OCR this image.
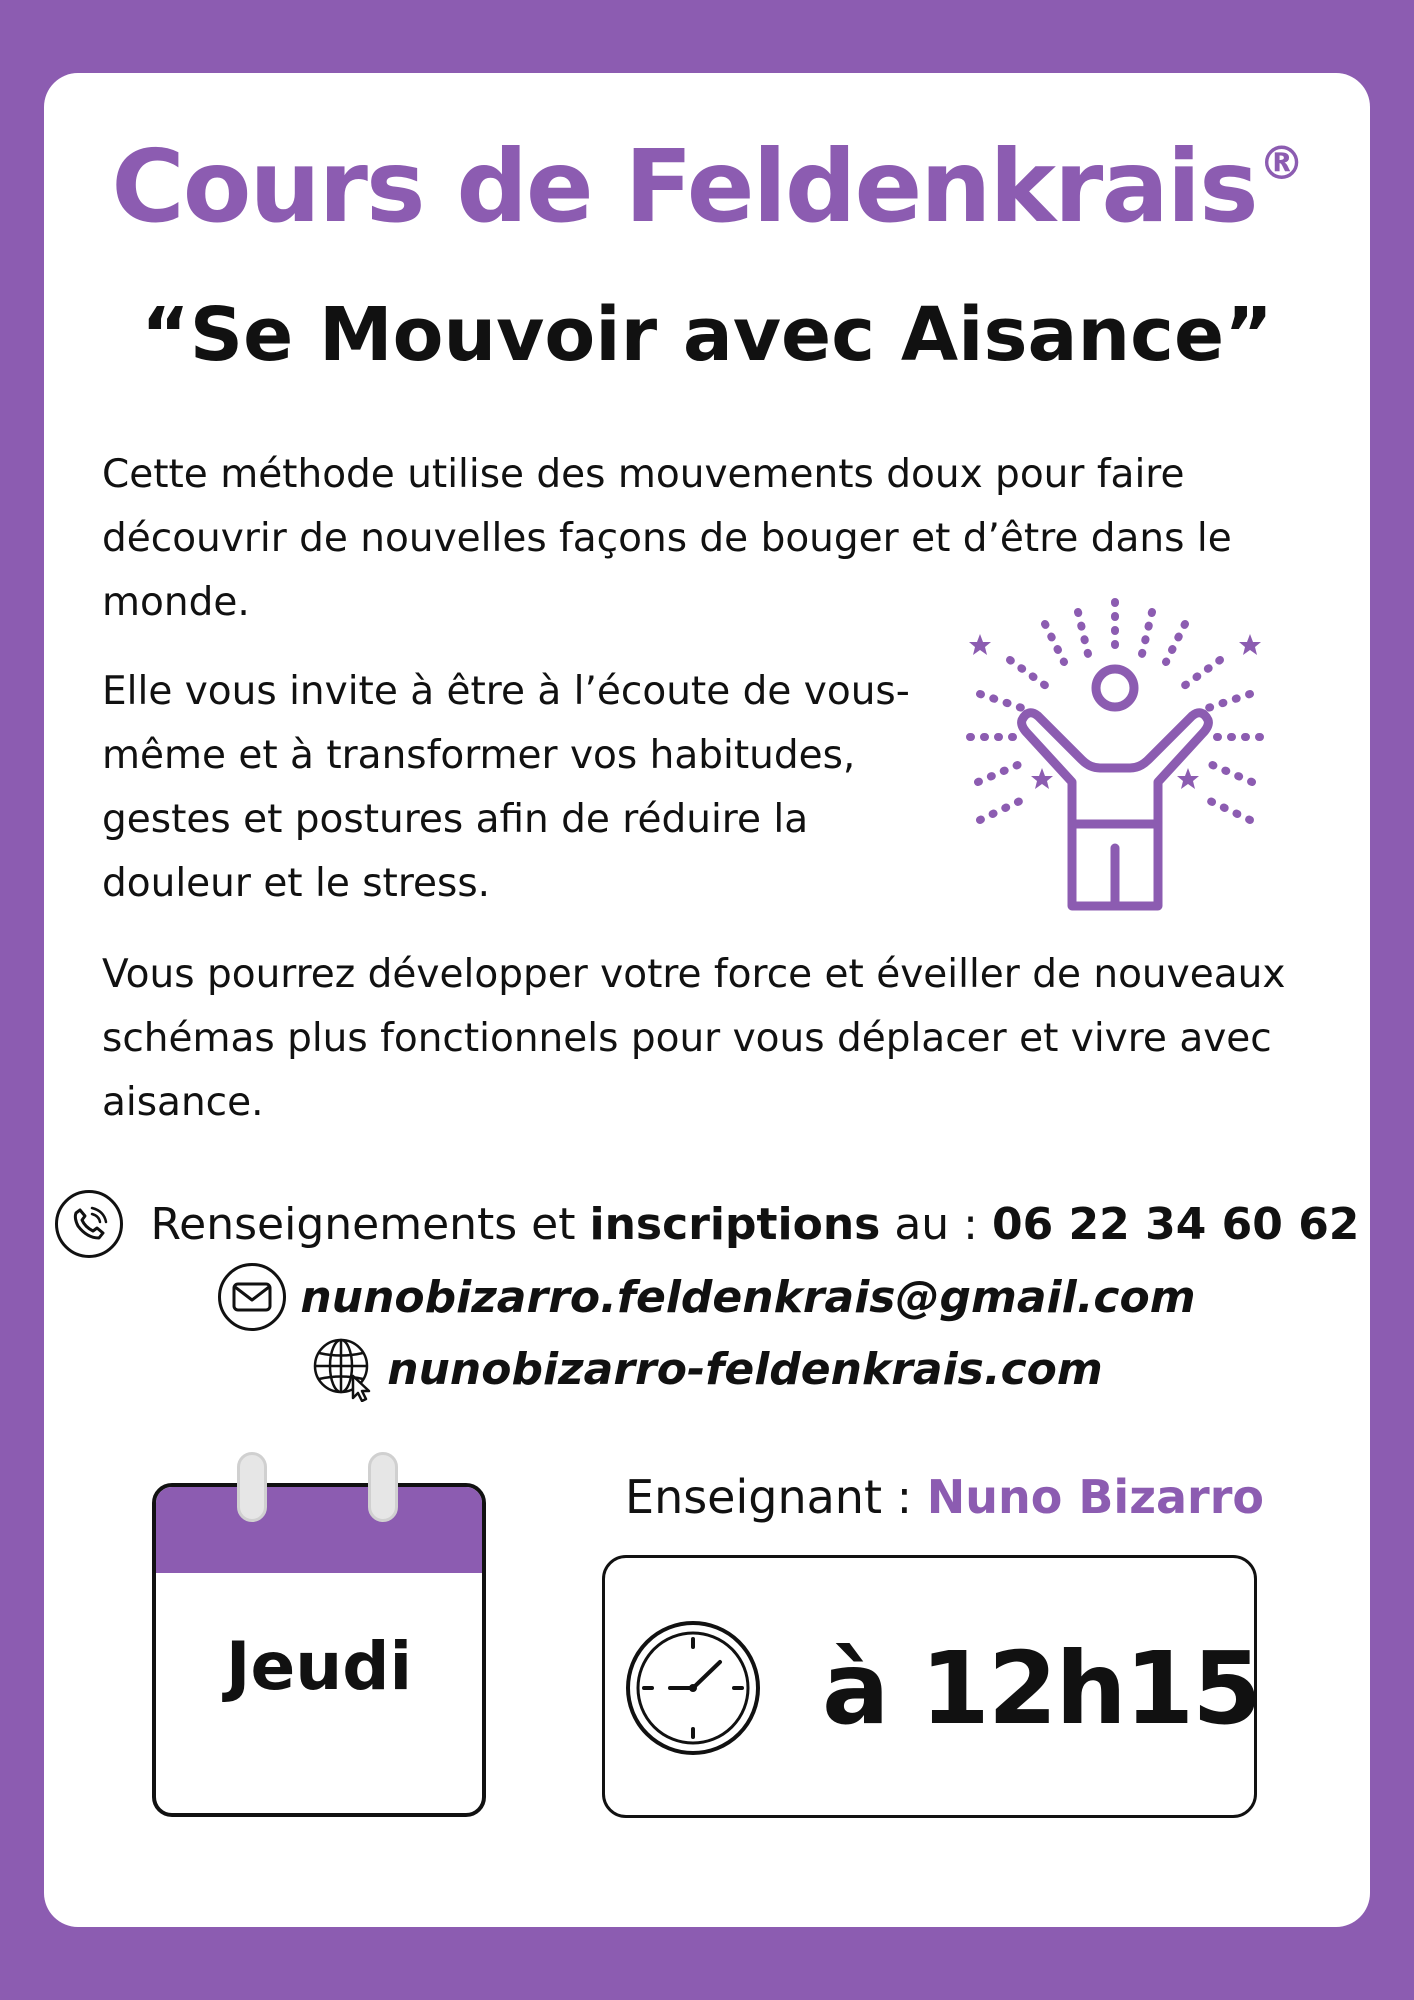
Cours de Feldenkrais®
“Se Mouvoir avec Aisance”
Cette méthode utilise des mouvements doux pour faire découvrir de nouvelles façons de bouger et d’être dans le monde.
Elle vous invite à être à l’écoute de vous-même et à transformer vos habitudes, gestes et postures afin de réduire la douleur et le stress.
Vous pourrez développer votre force et éveiller de nouveaux schémas plus fonctionnels pour vous déplacer et vivre avec aisance.
Renseignements et
inscriptions
au :
06 22 34 60 62
nunobizarro.feldenkrais@gmail.com
nunobizarro-feldenkrais.com
Jeudi
Enseignant : Nuno Bizarro
à 12h15
